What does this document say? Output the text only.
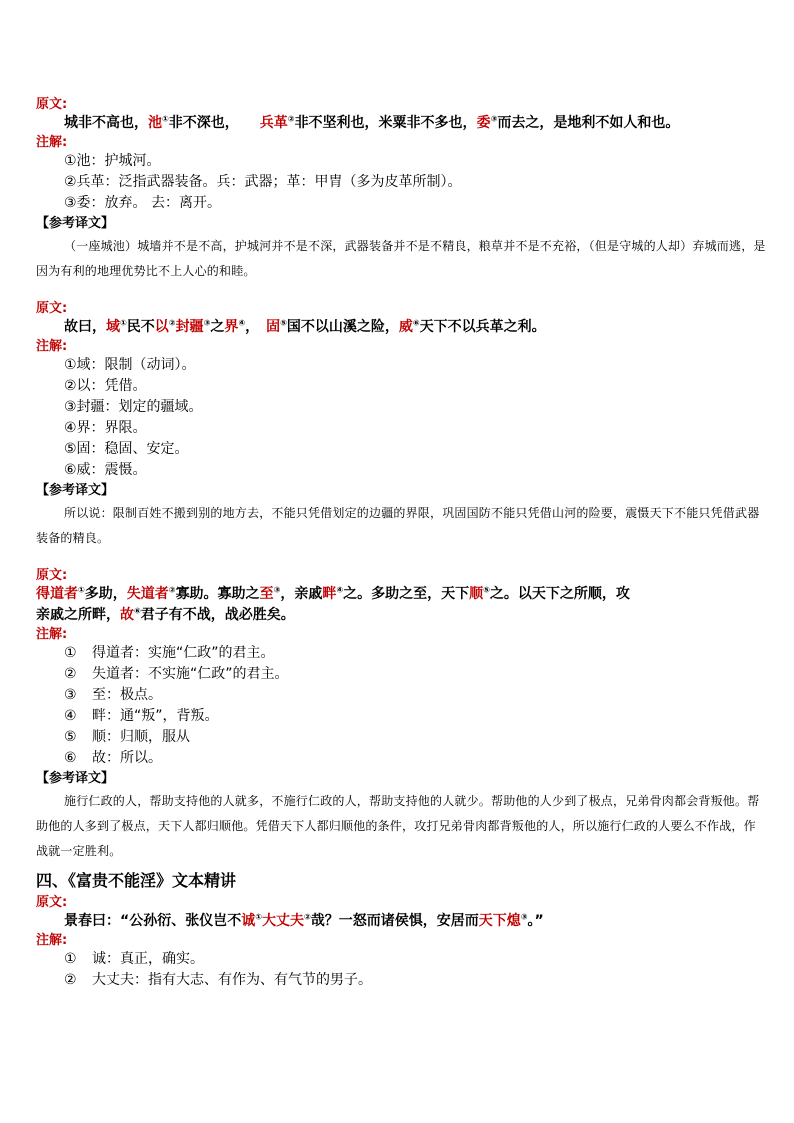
原文:
城非不高也，池①非不深也，　　兵革②非不坚利也，米粟非不多也，委③而去之，是地利不如人和也。
注解:
①池：护城河。
②兵革：泛指武器装备。兵：武器；革：甲胄（多为皮革所制）。
③委：放弃。 去：离开。
【参考译文】
（一座城池）城墙并不是不高，护城河并不是不深，武器装备并不是不精良，粮草并不是不充裕，（但是守城的人却）弃城而逃，是因为有利的地理优势比不上人心的和睦。
原文:
故曰，域①民不以②封疆③之界④，　固⑤国不以山溪之险，威⑥天下不以兵革之利。
注解:
①域：限制（动词）。
②以：凭借。
③封疆：划定的疆域。
④界：界限。
⑤固：稳固、安定。
⑥威：震慑。
【参考译文】
所以说：限制百姓不搬到别的地方去，不能只凭借划定的边疆的界限，巩固国防不能只凭借山河的险要，震慑天下不能只凭借武器装备的精良。
原文:
得道者①多助，失道者②寡助。寡助之至③，亲戚畔④之。多助之至，天下顺⑤之。以天下之所顺，攻
亲戚之所畔，故⑥君子有不战，战必胜矣。
注解:
① 得道者：实施“仁政”的君主。
② 失道者：不实施“仁政”的君主。
③ 至：极点。
④ 畔：通“叛”，背叛。
⑤ 顺：归顺，服从
⑥ 故：所以。
【参考译文】
施行仁政的人，帮助支持他的人就多，不施行仁政的人，帮助支持他的人就少。帮助他的人少到了极点，兄弟骨肉都会背叛他。帮助他的人多到了极点，天下人都归顺他。凭借天下人都归顺他的条件，攻打兄弟骨肉都背叛他的人，所以施行仁政的人要么不作战，作战就一定胜利。
四、《富贵不能淫》文本精讲
原文:
景春曰：“公孙衍、张仪岂不诚①大丈夫②哉？一怒而诸侯惧，安居而天下熄③。”
注解:
① 诚：真正，确实。
② 大丈夫：指有大志、有作为、有气节的男子。
